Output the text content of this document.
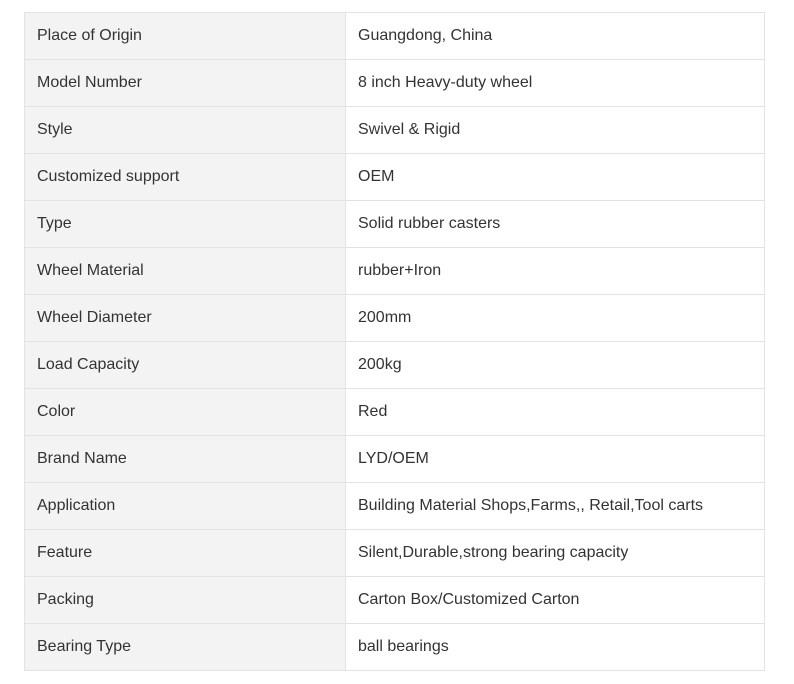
Place of Origin	Guangdong, China
Model Number	8 inch Heavy-duty wheel
Style	Swivel & Rigid
Customized support	OEM
Type	Solid rubber casters
Wheel Material	rubber+Iron
Wheel Diameter	200mm
Load Capacity	200kg
Color	Red
Brand Name	LYD/OEM
Application	Building Material Shops,Farms,, Retail,Tool carts
Feature	Silent,Durable,strong bearing capacity
Packing	Carton Box/Customized Carton
Bearing Type	ball bearings
